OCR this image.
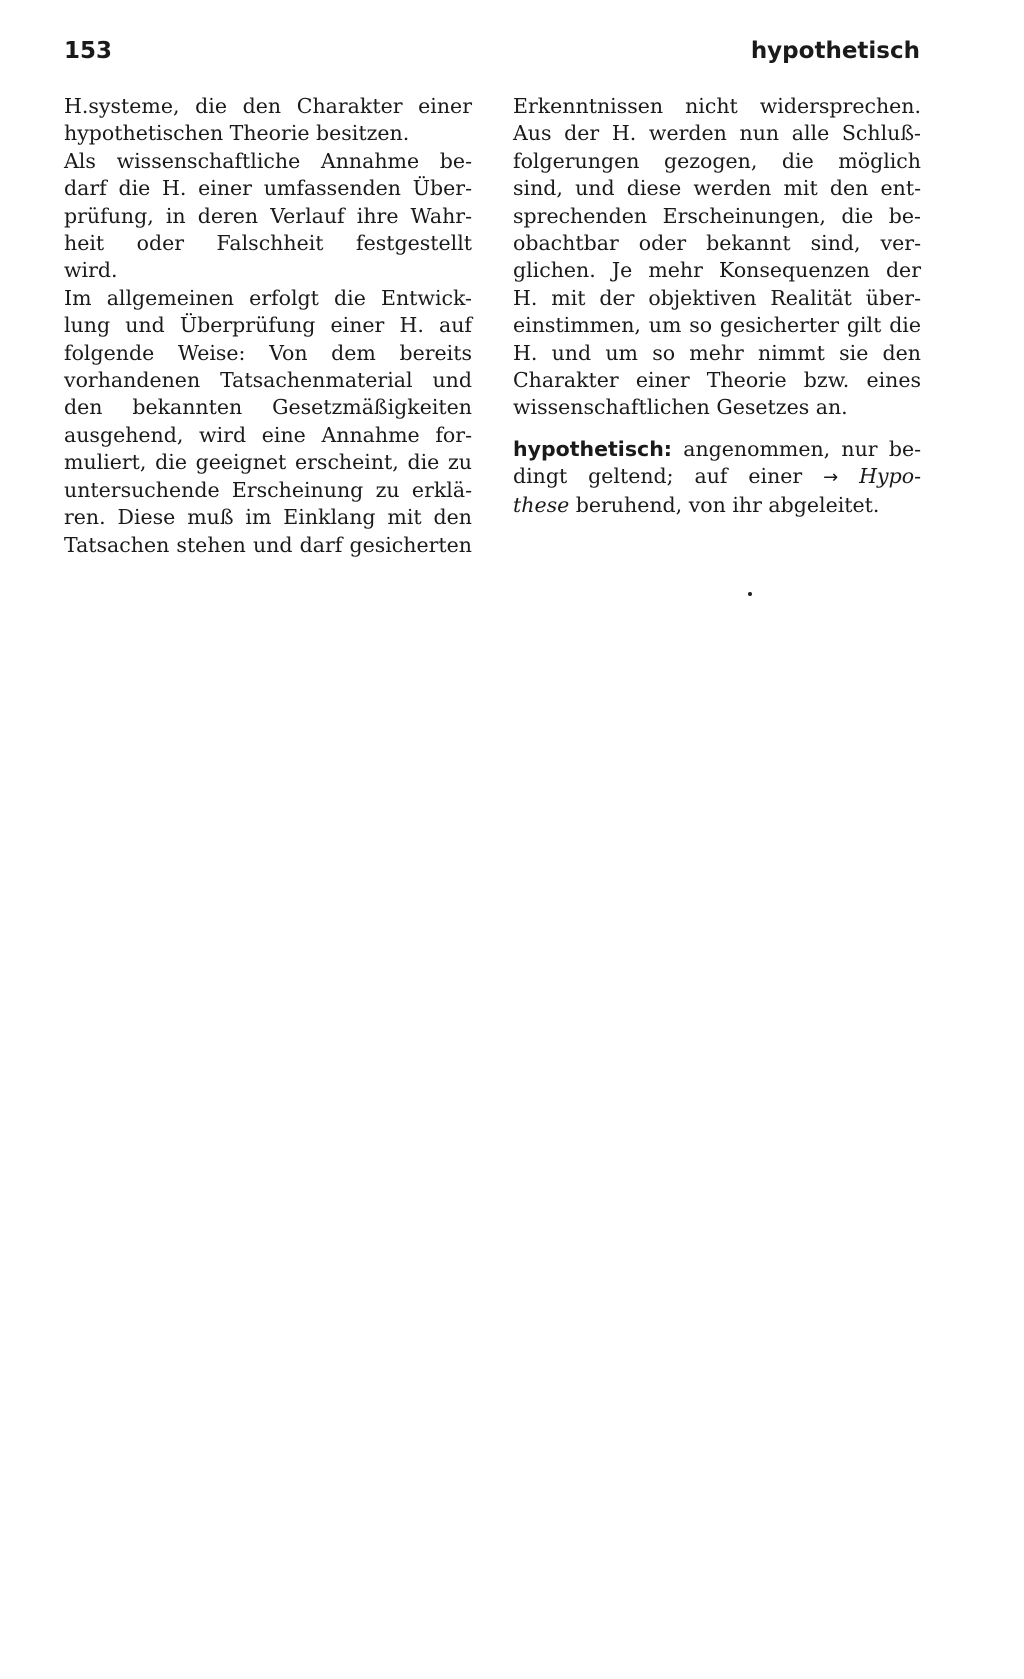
153	hypothetisch
H.systeme, die den Charakter einer
hypothetischen Theorie besitzen.
Als wissenschaftliche Annahme be-
darf die H. einer umfassenden Über-
prüfung, in deren Verlauf ihre Wahr-
heit oder Falschheit festgestellt
wird.
Im allgemeinen erfolgt die Entwick-
lung und Überprüfung einer H. auf
folgende Weise: Von dem bereits
vorhandenen Tatsachenmaterial und
den bekannten Gesetzmäßigkeiten
ausgehend, wird eine Annahme for-
muliert, die geeignet erscheint, die zu
untersuchende Erscheinung zu erklä-
ren. Diese muß im Einklang mit den
Tatsachen stehen und darf gesicherten
Erkenntnissen nicht widersprechen.
Aus der H. werden nun alle Schluß-
folgerungen gezogen, die möglich
sind, und diese werden mit den ent-
sprechenden Erscheinungen, die be-
obachtbar oder bekannt sind, ver-
glichen. Je mehr Konsequenzen der
H. mit der objektiven Realität über-
einstimmen, um so gesicherter gilt die
H. und um so mehr nimmt sie den
Charakter einer Theorie bzw. eines
wissenschaftlichen Gesetzes an.
hypothetisch: angenommen, nur be-
dingt geltend; auf einer → Hypo-
these beruhend, von ihr abgeleitet.
